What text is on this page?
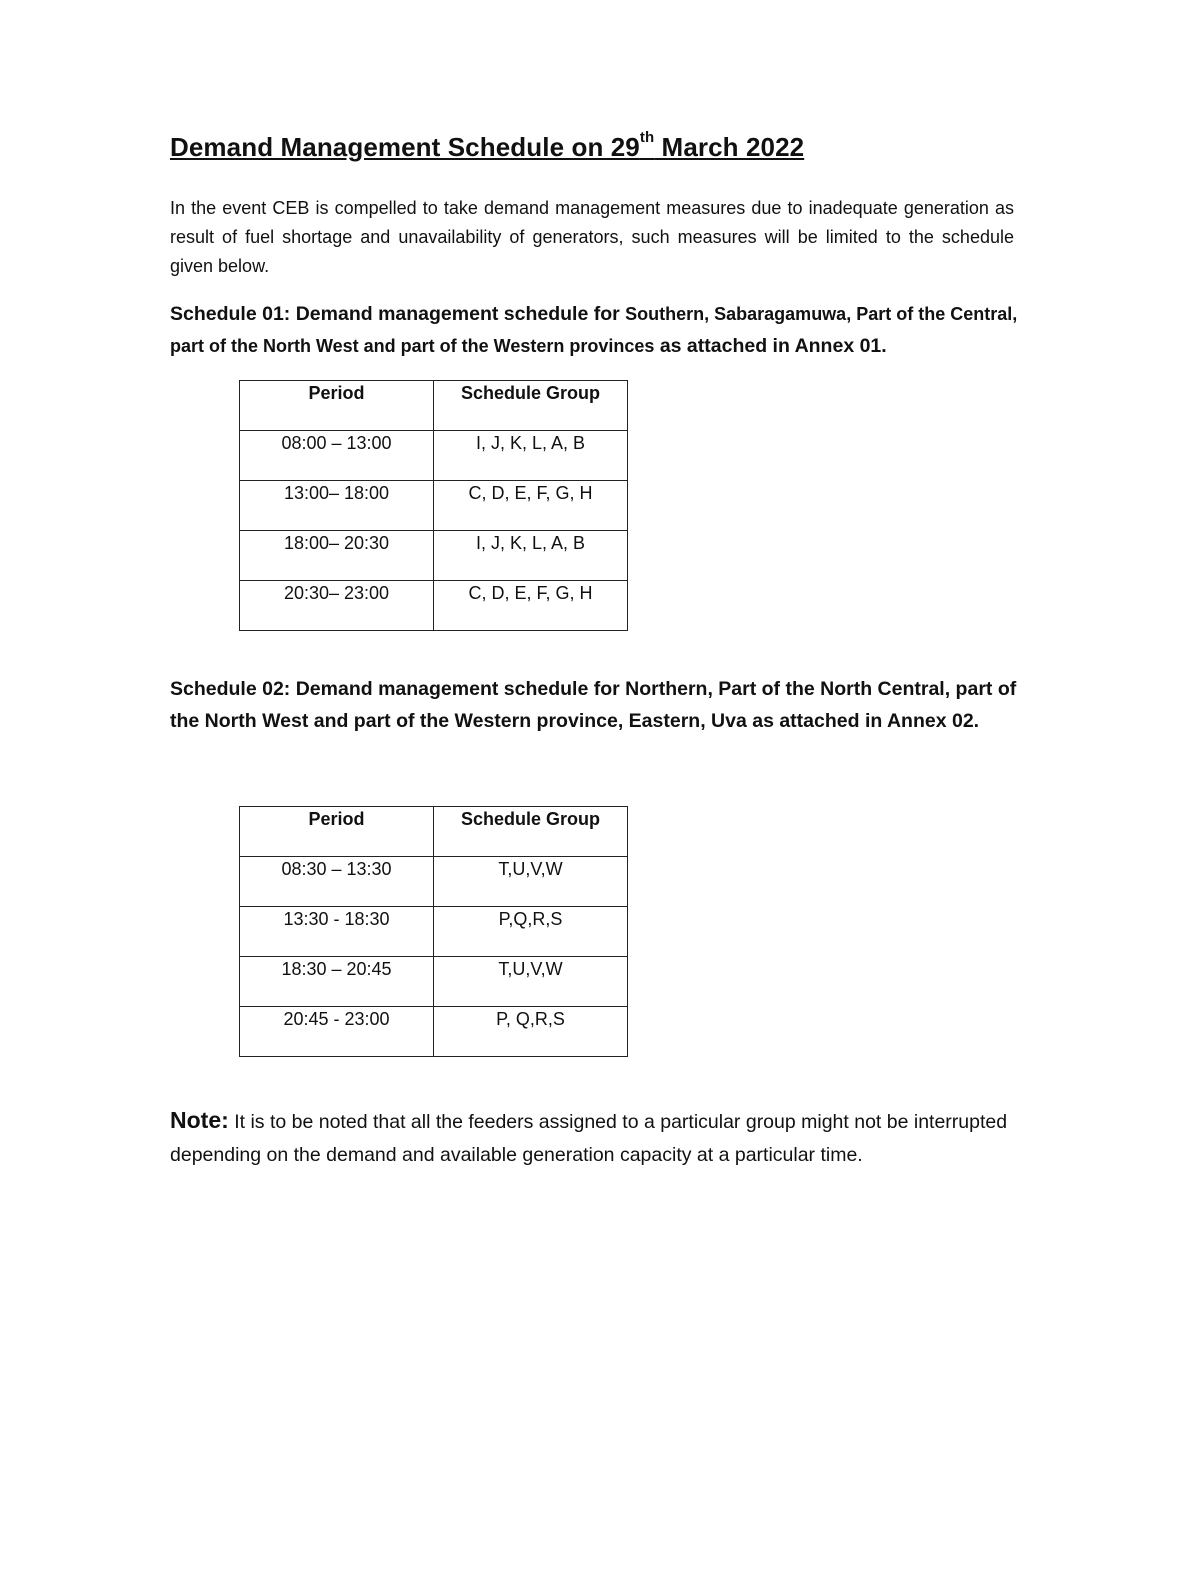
Demand Management Schedule on 29th March 2022
In the event CEB is compelled to take demand management measures due to inadequate generation as result of fuel shortage and unavailability of generators, such measures will be limited to the schedule given below.
Schedule 01: Demand management schedule for Southern, Sabaragamuwa, Part of the Central, part of the North West and part of the Western provinces as attached in Annex 01.
Period	Schedule Group
08:00 – 13:00	I, J, K, L, A, B
13:00– 18:00	C, D, E, F, G, H
18:00– 20:30	I, J, K, L, A, B
20:30– 23:00	C, D, E, F, G, H
Schedule 02: Demand management schedule for Northern, Part of the North Central, part of the North West and part of the Western province, Eastern, Uva as attached in Annex 02.
Period	Schedule Group
08:30 – 13:30	T,U,V,W
13:30 - 18:30	P,Q,R,S
18:30 – 20:45	T,U,V,W
20:45 - 23:00	P, Q,R,S
Note: It is to be noted that all the feeders assigned to a particular group might not be interrupted depending on the demand and available generation capacity at a particular time.
